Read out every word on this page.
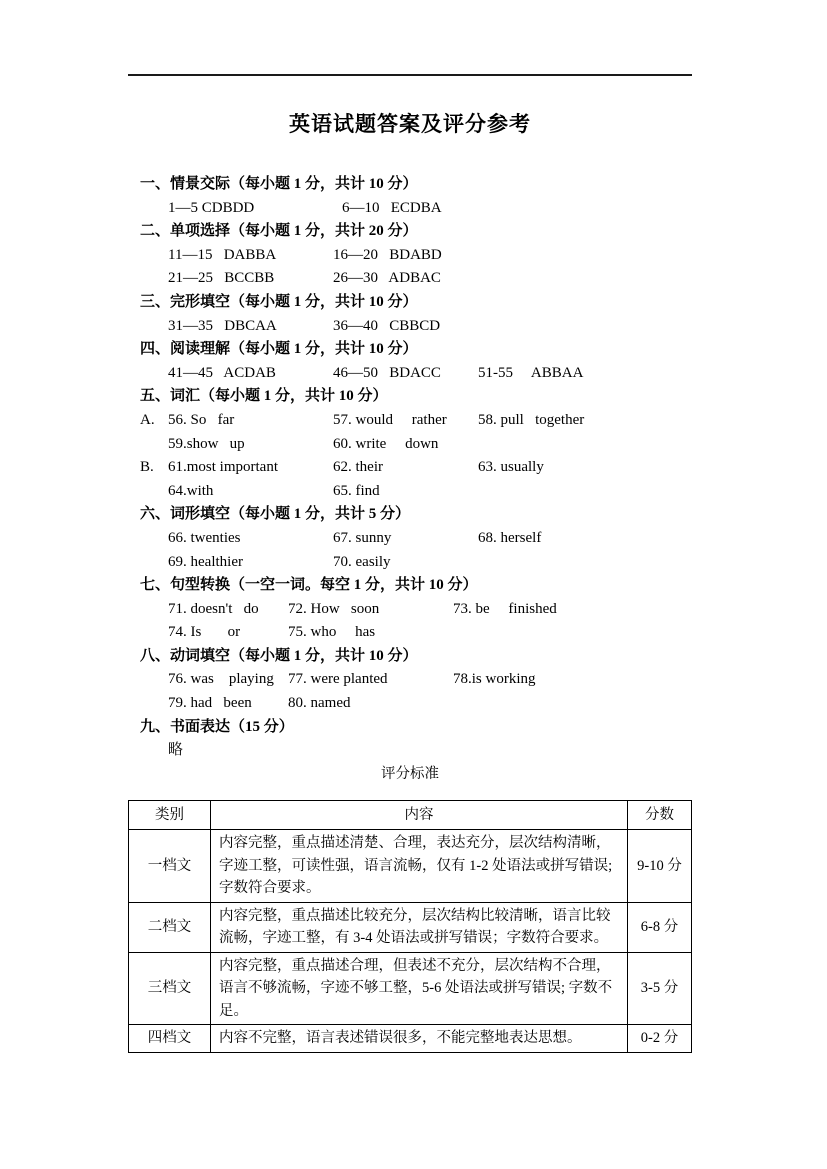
英语试题答案及评分参考
一、情景交际（每小题 1 分，共计 10 分）
1—5 CDBDD	6—10   ECDBA
二、单项选择（每小题 1 分，共计 20 分）
11—15   DABBA	16—20   BDABD
21—25   BCCBB	26—30   ADBAC
三、完形填空（每小题 1 分，共计 10 分）
31—35   DBCAA	36—40   CBBCD
四、阅读理解（每小题 1 分，共计 10 分）
41—45   ACDAB	46—50   BDACC	51-55     ABBAA
五、词汇（每小题 1 分，共计 10 分）
A. 56. So   far	57. would     rather	58. pull   together
59.show   up	60. write     down
B. 61.most important	62. their	63. usually
64.with	65. find
六、词形填空（每小题 1 分，共计 5 分）
66. twenties	67. sunny	68. herself
69. healthier	70. easily
七、句型转换（一空一词。每空 1 分，共计 10 分）
71. doesn't   do	72. How   soon	73. be     finished
74. Is       or	75. who     has
八、动词填空（每小题 1 分，共计 10 分）
76. was    playing 77. were planted	78.is working
79. had   been	80. named
九、书面表达（15 分）
略
评分标准
类别	内容	分数
一档文	内容完整，重点描述清楚、合理，表达充分，层次结构清晰，字迹工整，可读性强，语言流畅，仅有 1-2 处语法或拼写错误; 字数符合要求。	9-10 分
二档文	内容完整，重点描述比较充分，层次结构比较清晰，语言比较流畅，字迹工整，有 3-4 处语法或拼写错误；字数符合要求。	6-8 分
三档文	内容完整，重点描述合理，但表述不充分，层次结构不合理，语言不够流畅，字迹不够工整，5-6 处语法或拼写错误; 字数不足。	3-5 分
四档文	内容不完整，语言表述错误很多，不能完整地表达思想。	0-2 分
